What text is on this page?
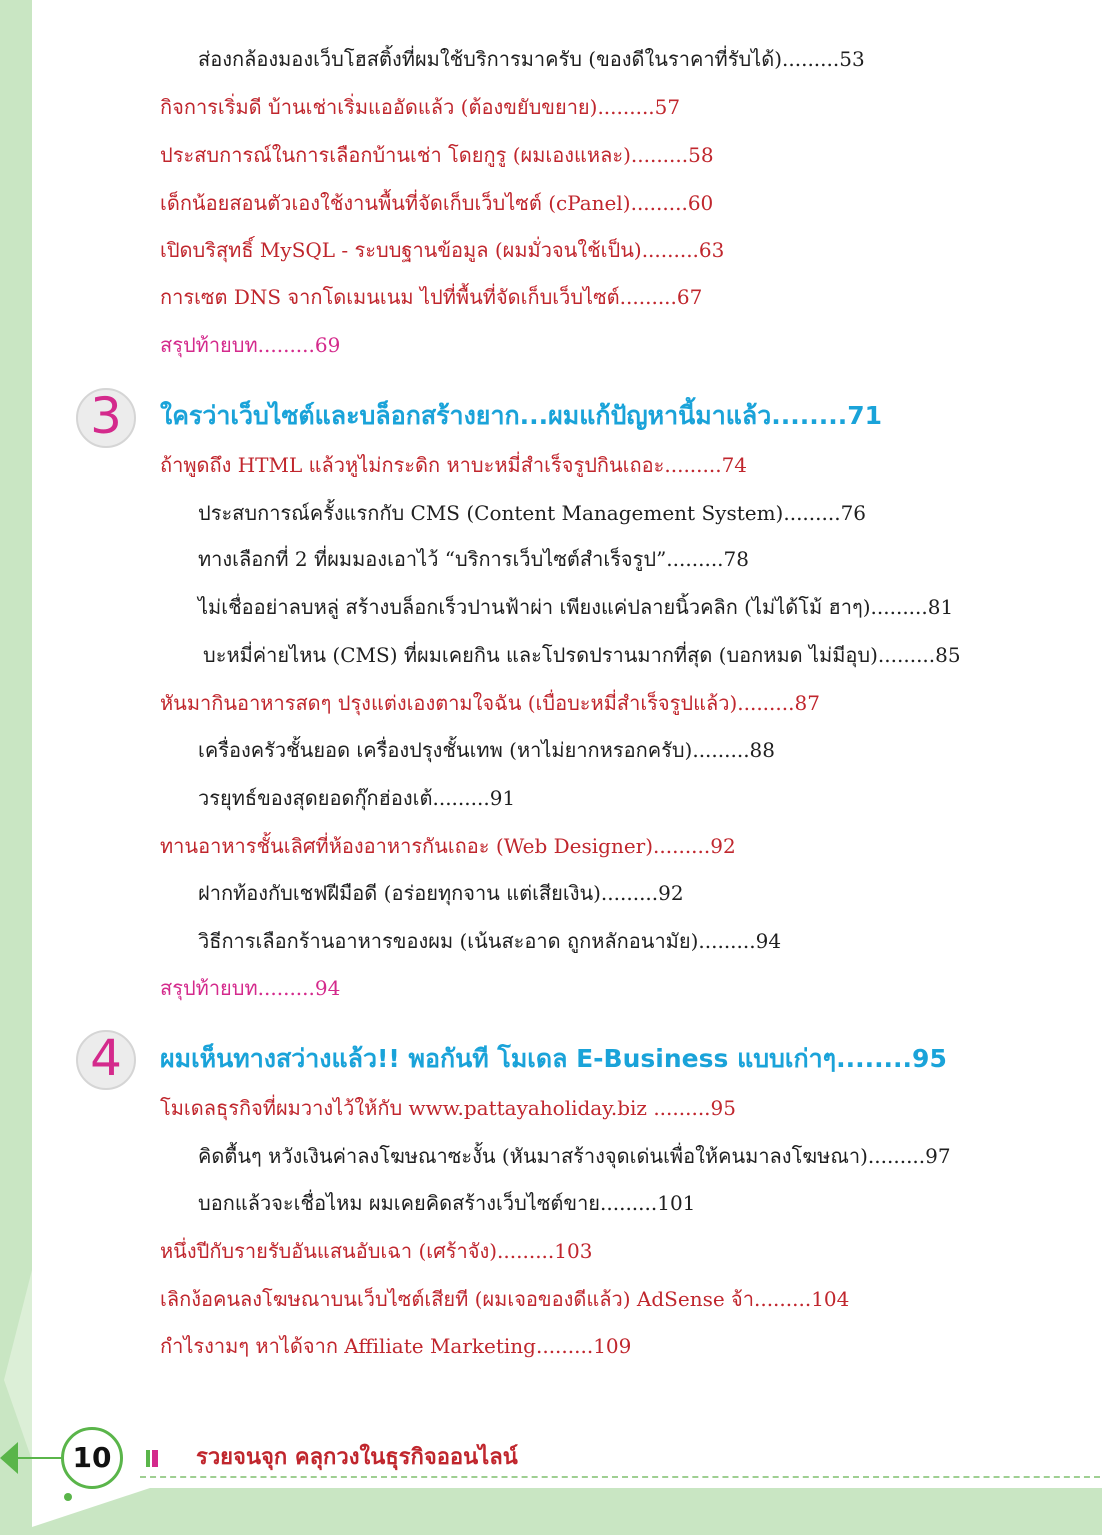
ส่องกล้องมองเว็บโฮสติ้งที่ผมใช้บริการมาครับ (ของดีในราคาที่รับได้).........53
กิจการเริ่มดี บ้านเช่าเริ่มแออัดแล้ว (ต้องขยับขยาย).........57
ประสบการณ์ในการเลือกบ้านเช่า โดยกูรู (ผมเองแหละ).........58
เด็กน้อยสอนตัวเองใช้งานพื้นที่จัดเก็บเว็บไซต์ (cPanel).........60
เปิดบริสุทธิ์ MySQL - ระบบฐานข้อมูล (ผมมั่วจนใช้เป็น).........63
การเซต DNS จากโดเมนเนม ไปที่พื้นที่จัดเก็บเว็บไซต์.........67
สรุปท้ายบท.........69
3	ใครว่าเว็บไซต์และบล็อกสร้างยาก...ผมแก้ปัญหานี้มาแล้ว........71
ถ้าพูดถึง HTML แล้วหูไม่กระดิก หาบะหมี่สำเร็จรูปกินเถอะ.........74
ประสบการณ์ครั้งแรกกับ CMS (Content Management System).........76
ทางเลือกที่ 2 ที่ผมมองเอาไว้ “บริการเว็บไซต์สำเร็จรูป”.........78
ไม่เชื่ออย่าลบหลู่ สร้างบล็อกเร็วปานฟ้าผ่า เพียงแค่ปลายนิ้วคลิก (ไม่ได้โม้ ฮาๆ).........81
บะหมี่ค่ายไหน (CMS) ที่ผมเคยกิน และโปรดปรานมากที่สุด (บอกหมด ไม่มีอุบ).........85
หันมากินอาหารสดๆ ปรุงแต่งเองตามใจฉัน (เบื่อบะหมี่สำเร็จรูปแล้ว).........87
เครื่องครัวชั้นยอด เครื่องปรุงชั้นเทพ (หาไม่ยากหรอกครับ).........88
วรยุทธ์ของสุดยอดกุ๊กฮ่องเต้.........91
ทานอาหารชั้นเลิศที่ห้องอาหารกันเถอะ (Web Designer).........92
ฝากท้องกับเชฟฝีมือดี (อร่อยทุกจาน แต่เสียเงิน).........92
วิธีการเลือกร้านอาหารของผม (เน้นสะอาด ถูกหลักอนามัย).........94
สรุปท้ายบท.........94
4	ผมเห็นทางสว่างแล้ว!! พอกันที โมเดล E-Business แบบเก่าๆ........95
โมเดลธุรกิจที่ผมวางไว้ให้กับ www.pattayaholiday.biz .........95
คิดตื้นๆ หวังเงินค่าลงโฆษณาซะงั้น (หันมาสร้างจุดเด่นเพื่อให้คนมาลงโฆษณา).........97
บอกแล้วจะเชื่อไหม ผมเคยคิดสร้างเว็บไซต์ขาย.........101
หนึ่งปีกับรายรับอันแสนอับเฉา (เศร้าจัง).........103
เลิกง้อคนลงโฆษณาบนเว็บไซต์เสียที (ผมเจอของดีแล้ว) AdSense จ้า.........104
กำไรงามๆ หาได้จาก Affiliate Marketing.........109
10	รวยจนจุก คลุกวงในธุรกิจออนไลน์
